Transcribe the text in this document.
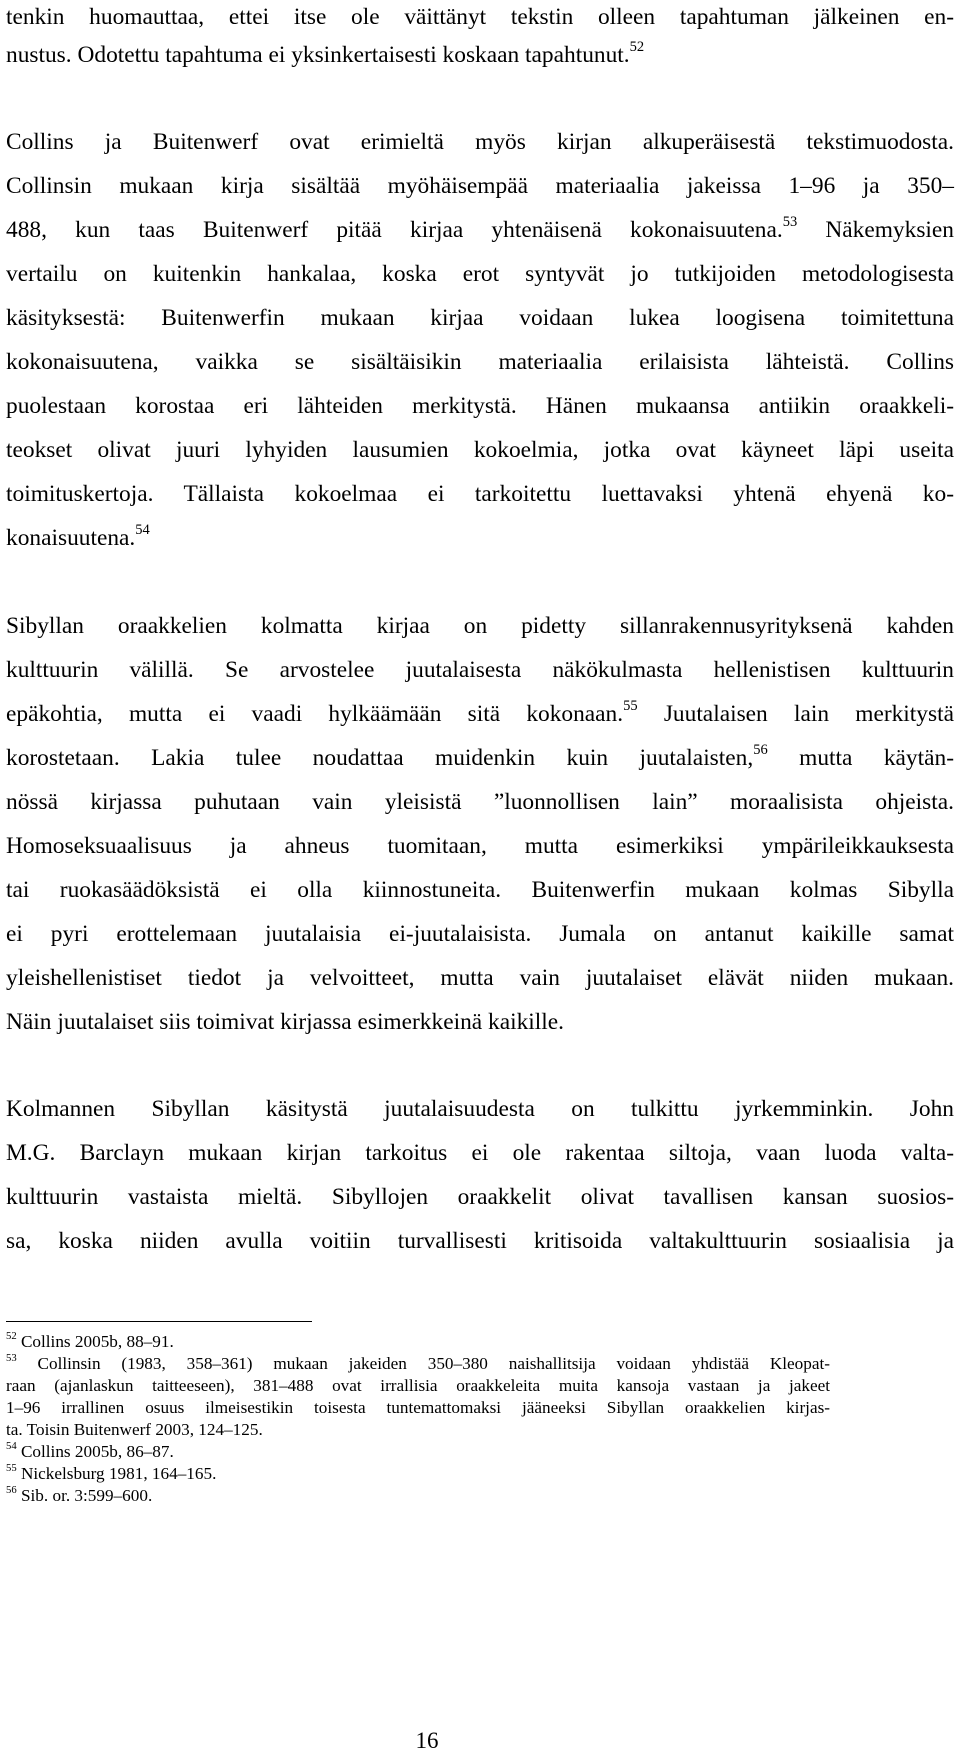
tenkin huomauttaa, ettei itse ole väittänyt tekstin olleen tapahtuman jälkeinen en-
nustus. Odotettu tapahtuma ei yksinkertaisesti koskaan tapahtunut.$^{52}$
Collins ja Buitenwerf ovat erimieltä myös kirjan alkuperäisestä tekstimuodosta.
Collinsin mukaan kirja sisältää myöhäisempää materiaalia jakeissa 1–96 ja 350–
488, kun taas Buitenwerf pitää kirjaa yhtenäisenä kokonaisuutena.$^{53}$ Näkemyksien
vertailu on kuitenkin hankalaa, koska erot syntyvät jo tutkijoiden metodologisesta
käsityksestä: Buitenwerfin mukaan kirjaa voidaan lukea loogisena toimitettuna
kokonaisuutena, vaikka se sisältäisikin materiaalia erilaisista lähteistä. Collins
puolestaan korostaa eri lähteiden merkitystä. Hänen mukaansa antiikin oraakkeli-
teokset olivat juuri lyhyiden lausumien kokoelmia, jotka ovat käyneet läpi useita
toimituskertoja. Tällaista kokoelmaa ei tarkoitettu luettavaksi yhtenä ehyenä ko-
konaisuutena.$^{54}$
Sibyllan oraakkelien kolmatta kirjaa on pidetty sillanrakennusyrityksenä kahden
kulttuurin välillä. Se arvostelee juutalaisesta näkökulmasta hellenistisen kulttuurin
epäkohtia, mutta ei vaadi hylkäämään sitä kokonaan.$^{55}$ Juutalaisen lain merkitystä
korostetaan. Lakia tulee noudattaa muidenkin kuin juutalaisten,$^{56}$ mutta käytän-
nössä kirjassa puhutaan vain yleisistä ”luonnollisen lain” moraalisista ohjeista.
Homoseksuaalisuus ja ahneus tuomitaan, mutta esimerkiksi ympärileikkauksesta
tai ruokasäädöksistä ei olla kiinnostuneita. Buitenwerfin mukaan kolmas Sibylla
ei pyri erottelemaan juutalaisia ei-juutalaisista. Jumala on antanut kaikille samat
yleishellenistiset tiedot ja velvoitteet, mutta vain juutalaiset elävät niiden mukaan.
Näin juutalaiset siis toimivat kirjassa esimerkkeinä kaikille.
Kolmannen Sibyllan käsitystä juutalaisuudesta on tulkittu jyrkemminkin. John
M.G. Barclayn mukaan kirjan tarkoitus ei ole rakentaa siltoja, vaan luoda valta-
kulttuurin vastaista mieltä. Sibyllojen oraakkelit olivat tavallisen kansan suosios-
sa, koska niiden avulla voitiin turvallisesti kritisoida valtakulttuurin sosiaalisia ja
$^{52}$ Collins 2005b, 88–91.
$^{53}$ Collinsin (1983, 358–361) mukaan jakeiden 350–380 naishallitsija voidaan yhdistää Kleopat-
raan (ajanlaskun taitteeseen), 381–488 ovat irrallisia oraakkeleita muita kansoja vastaan ja jakeet
1–96 irrallinen osuus ilmeisestikin toisesta tuntemattomaksi jääneeksi Sibyllan oraakkelien kirjas-
ta. Toisin Buitenwerf 2003, 124–125.
$^{54}$ Collins 2005b, 86–87.
$^{55}$ Nickelsburg 1981, 164–165.
$^{56}$ Sib. or. 3:599–600.
16
